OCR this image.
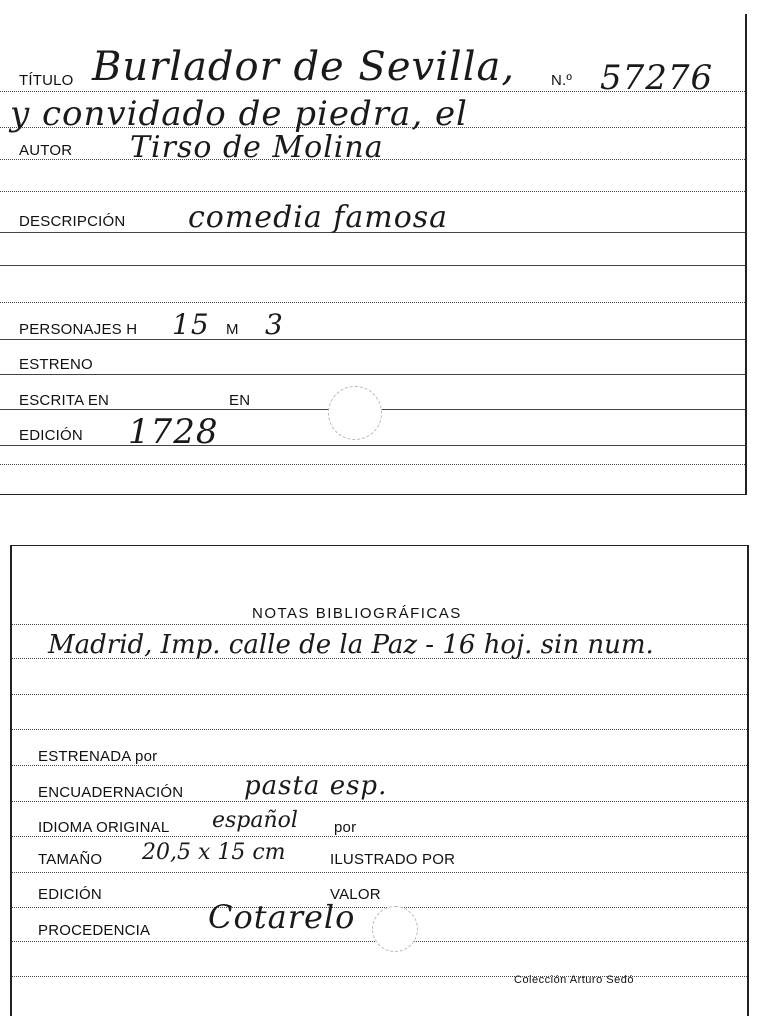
TÍTULO Burlador de Sevilla, N.º 57276
y convidado de piedra, el
AUTOR Tirso de Molina
DESCRIPCIÓN comedia famosa
PERSONAJES H 15 M 3
ESTRENO
ESCRITA EN	EN
EDICIÓN 1728
NOTAS BIBLIOGRÁFICAS
Madrid, Imp. calle de la Paz - 16 hoj. sin num.
ESTRENADA por
ENCUADERNACIÓN pasta esp.
IDIOMA ORIGINAL español por
TAMAÑO 20,5 x 15 cm	ILUSTRADO POR
EDICIÓN	VALOR
PROCEDENCIA Cotarelo
Colección Arturo Sedó
